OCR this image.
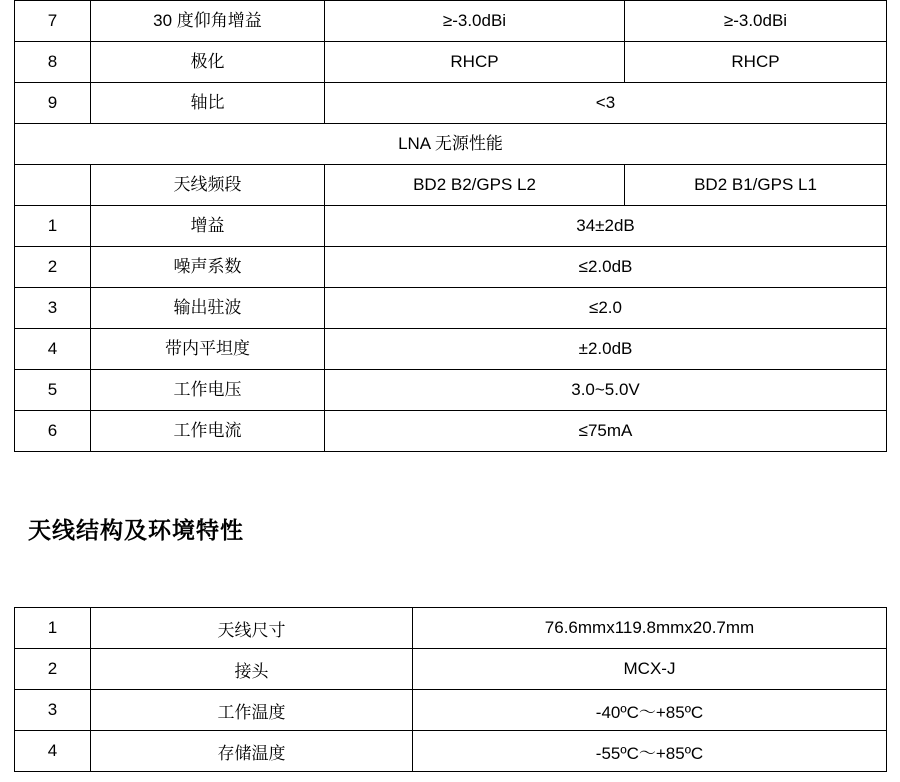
7	30 度仰角增益	≥-3.0dBi	≥-3.0dBi
8	极化	RHCP	RHCP
9	轴比	<3	
LNA 无源性能			
	天线频段	BD2 B2/GPS L2	BD2 B1/GPS L1
1	增益	34±2dB	
2	噪声系数	≤2.0dB	
3	输出驻波	≤2.0	
4	带内平坦度	±2.0dB	
5	工作电压	3.0~5.0V	
6	工作电流	≤75mA	
天线结构及环境特性
1	天线尺寸	76.6mmx119.8mmx20.7mm
2	接头	MCX-J
3	工作温度	-40ºC～+85ºC
4	存储温度	-55ºC～+85ºC
